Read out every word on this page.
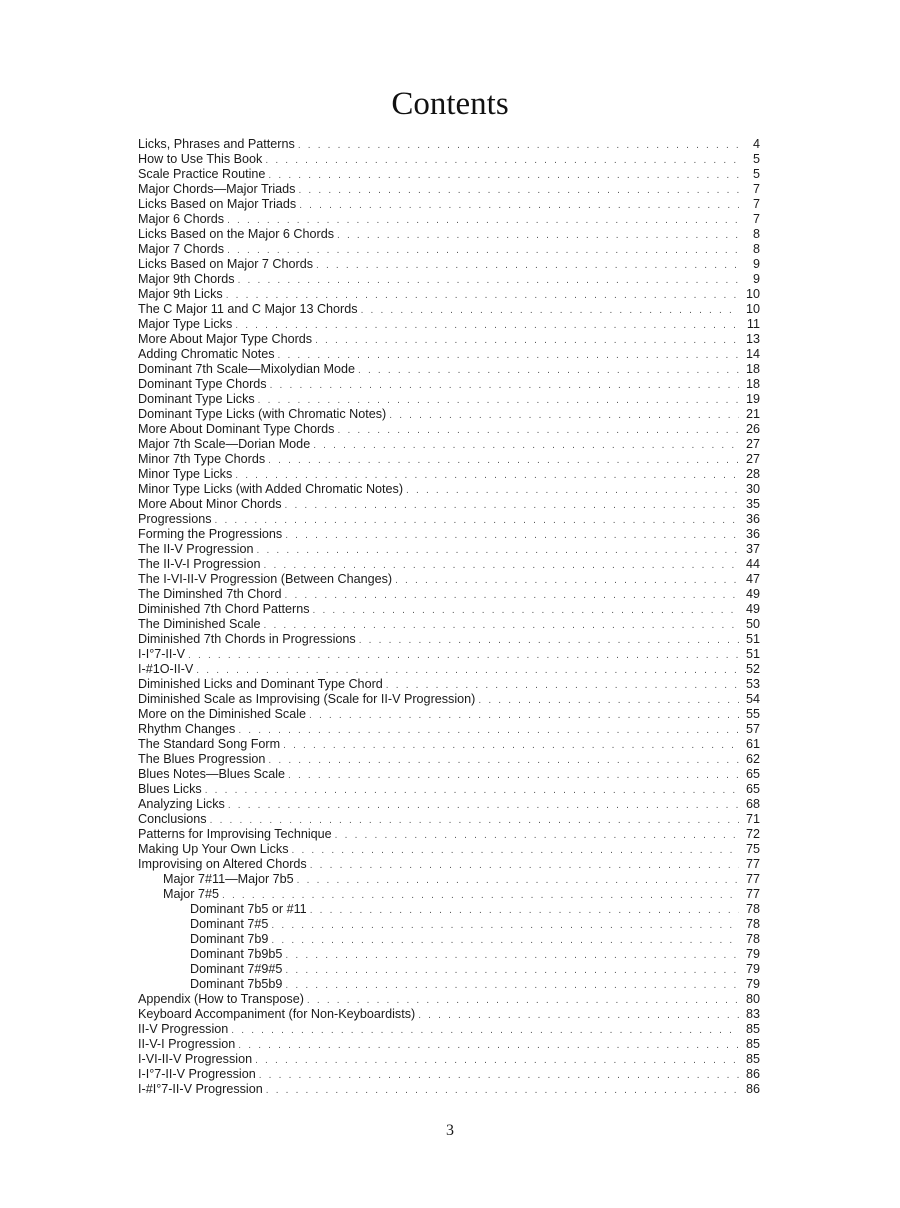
Contents
Licks, Phrases and Patterns . . .	4
How to Use This Book . . .	5
Scale Practice Routine . . .	5
Major Chords—Major Triads . . .	7
Licks Based on Major Triads . . .	7
Major 6 Chords . . .	7
Licks Based on the Major 6 Chords . . .	8
Major 7 Chords . . .	8
Licks Based on Major 7 Chords . . .	9
Major 9th Chords . . .	9
Major 9th Licks . . .	10
The C Major 11 and C Major 13 Chords . . .	10
Major Type Licks . . .	11
More About Major Type Chords . . .	13
Adding Chromatic Notes . . .	14
Dominant 7th Scale—Mixolydian Mode . . .	18
Dominant Type Chords . . .	18
Dominant Type Licks . . .	19
Dominant Type Licks (with Chromatic Notes) . . .	21
More About Dominant Type Chords . . .	26
Major 7th Scale—Dorian Mode . . .	27
Minor 7th Type Chords . . .	27
Minor Type Licks . . .	28
Minor Type Licks (with Added Chromatic Notes) . . .	30
More About Minor Chords . . .	35
Progressions . . .	36
Forming the Progressions . . .	36
The II-V Progression . . .	37
The II-V-I Progression . . .	44
The I-VI-II-V Progression (Between Changes) . . .	47
The Diminshed 7th Chord . . .	49
Diminished 7th Chord Patterns . . .	49
The Diminished Scale . . .	50
Diminished 7th Chords in Progressions . . .	51
I-I°7-II-V . . .	51
I-#1O-II-V . . .	52
Diminished Licks and Dominant Type Chord . . .	53
Diminished Scale as Improvising (Scale for II-V Progression) . . .	54
More on the Diminished Scale . . .	55
Rhythm Changes . . .	57
The Standard Song Form . . .	61
The Blues Progression . . .	62
Blues Notes—Blues Scale . . .	65
Blues Licks . . .	65
Analyzing Licks . . .	68
Conclusions . . .	71
Patterns for Improvising Technique . . .	72
Making Up Your Own Licks . . .	75
Improvising on Altered Chords . . .	77
Major 7#11—Major 7b5 . . .	77
Major 7#5 . . .	77
Dominant 7b5 or #11 . . .	78
Dominant 7#5 . . .	78
Dominant 7b9 . . .	78
Dominant 7b9b5 . . .	79
Dominant 7#9#5 . . .	79
Dominant 7b5b9 . . .	79
Appendix (How to Transpose) . . .	80
Keyboard Accompaniment (for Non-Keyboardists) . . .	83
II-V Progression . . .	85
II-V-I Progression . . .	85
I-VI-II-V Progression . . .	85
I-I°7-II-V Progression . . .	86
I-#I°7-II-V Progression . . .	86
3
